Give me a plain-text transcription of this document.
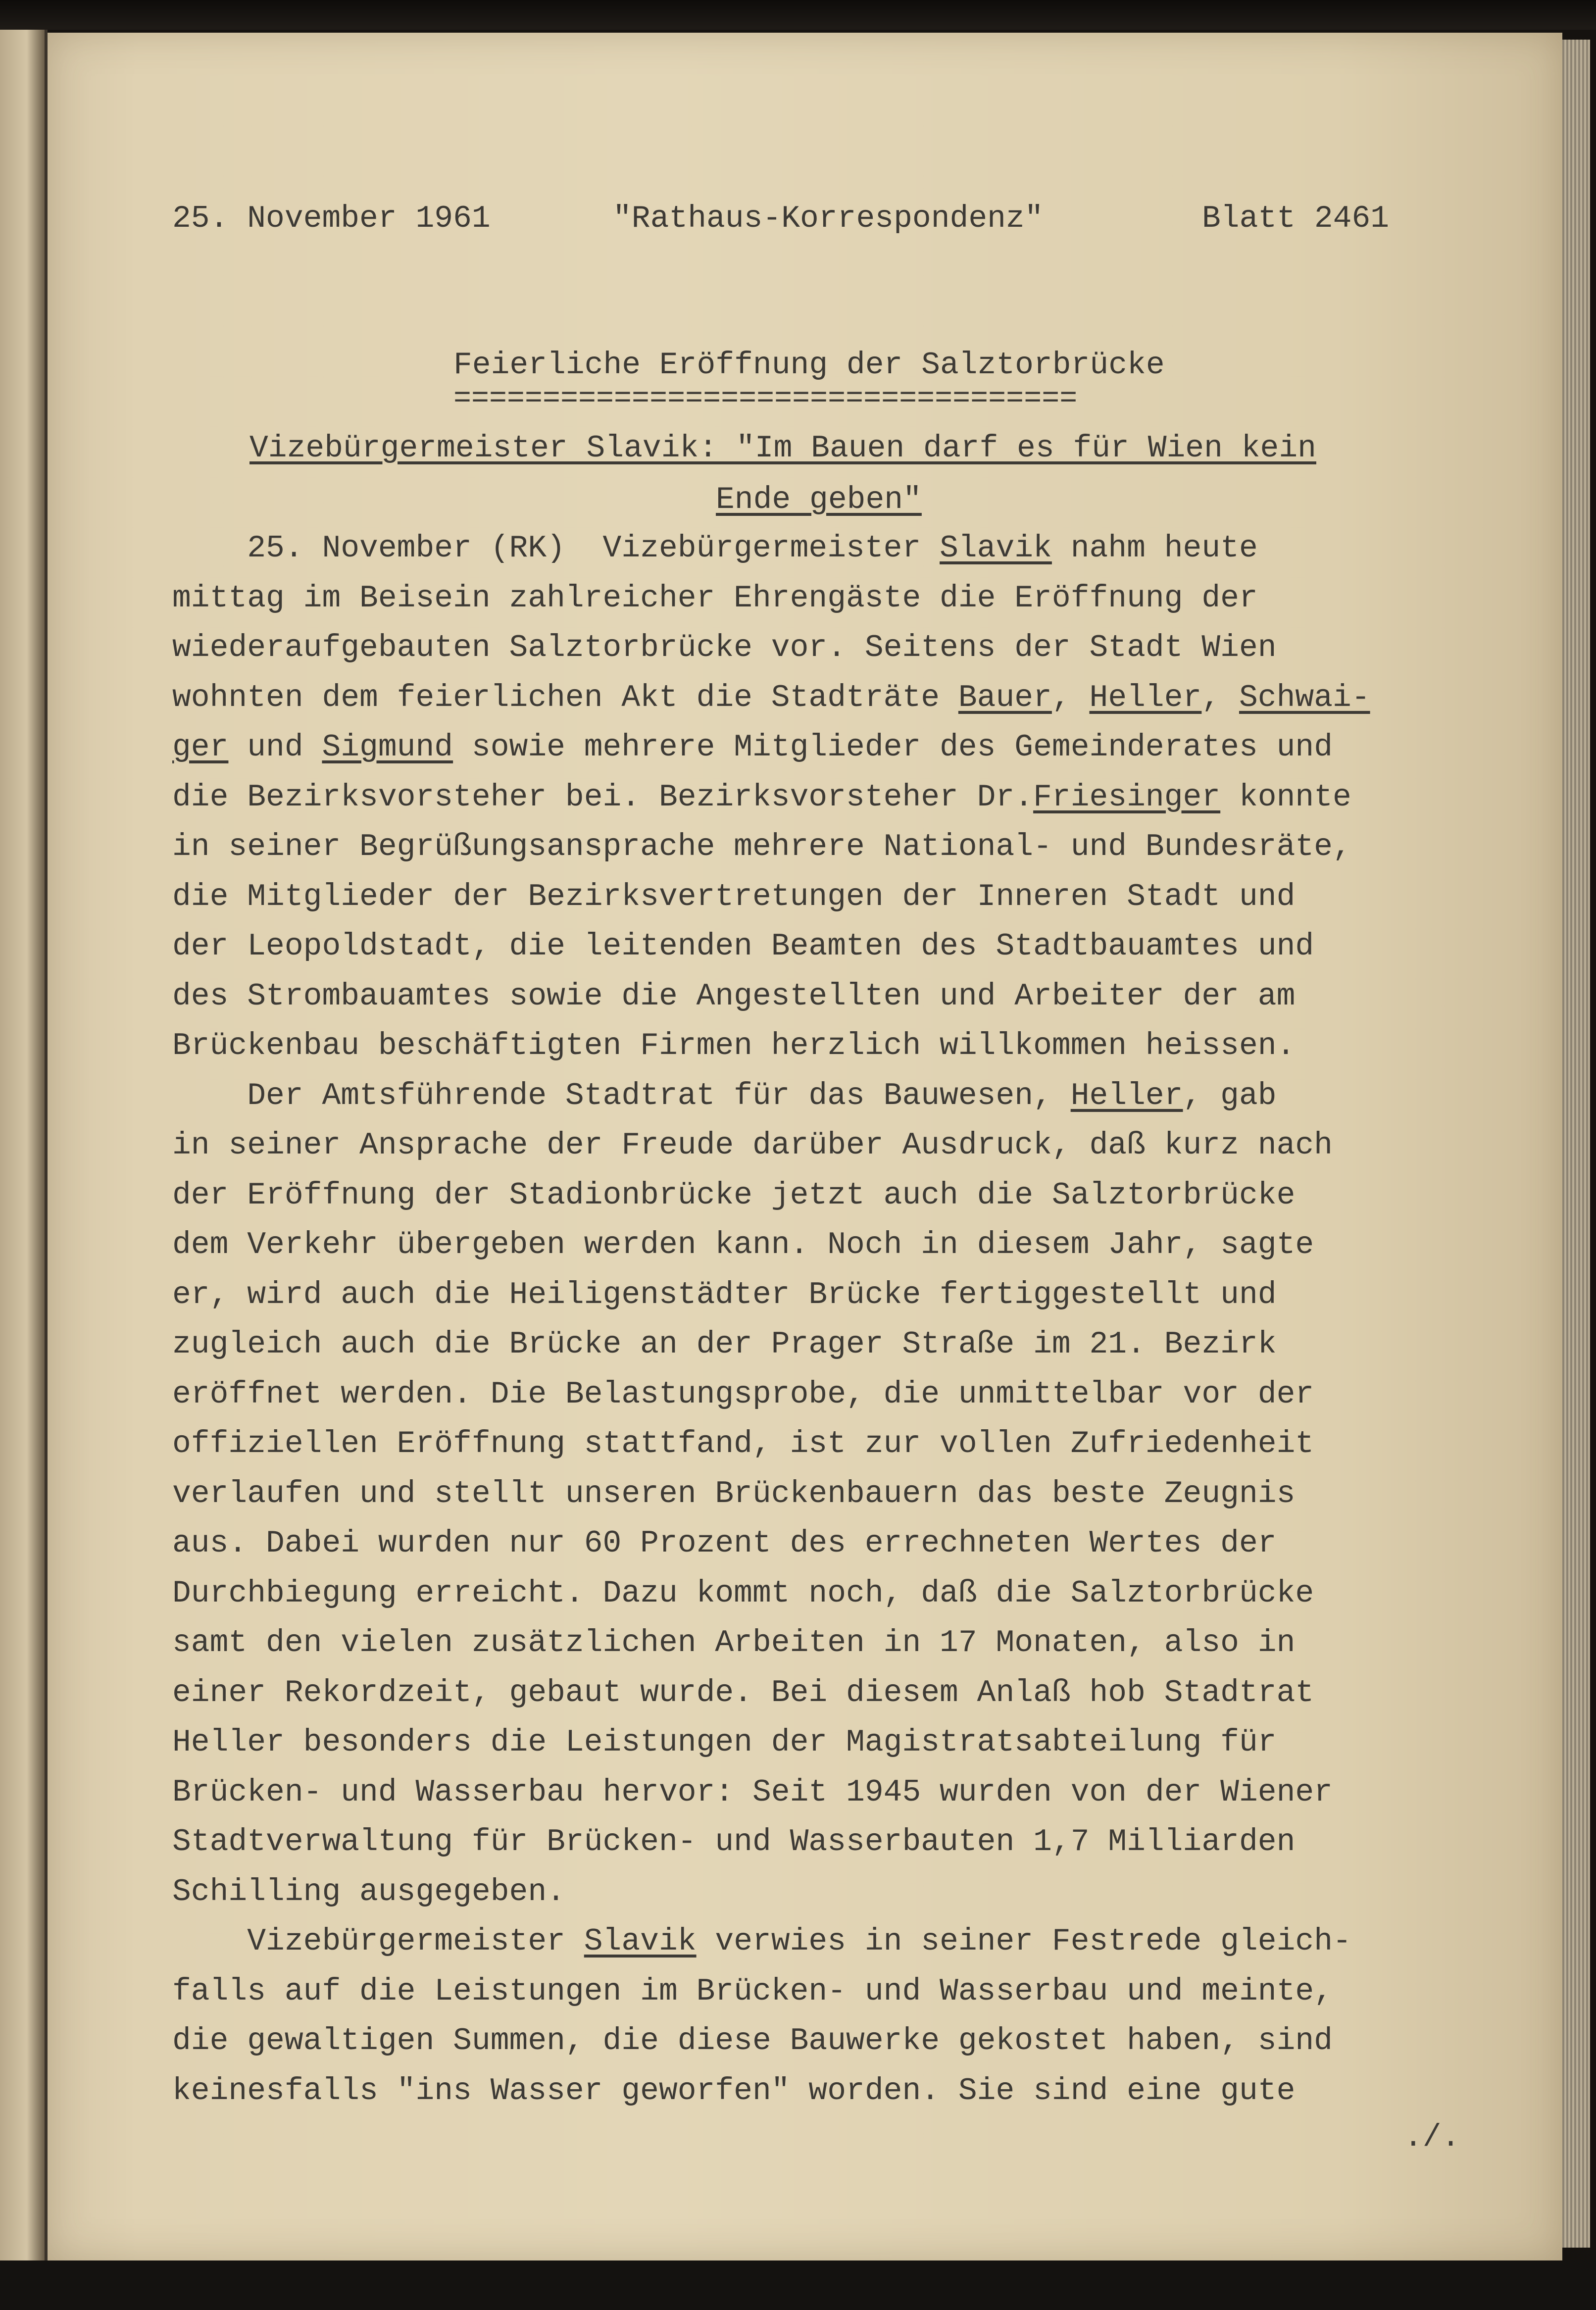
25. November 1961	"Rathaus-Korrespondenz"	Blatt 2461
Feierliche Eröffnung der Salztorbrücke
===================================
Vizebürgermeister Slavik: "Im Bauen darf es für Wien kein
Ende geben"
25. November (RK)  Vizebürgermeister Slavik nahm heute
mittag im Beisein zahlreicher Ehrengäste die Eröffnung der
wiederaufgebauten Salztorbrücke vor. Seitens der Stadt Wien
wohnten dem feierlichen Akt die Stadträte Bauer, Heller, Schwai-
ger und Sigmund sowie mehrere Mitglieder des Gemeinderates und
die Bezirksvorsteher bei. Bezirksvorsteher Dr.Friesinger konnte
in seiner Begrüßungsansprache mehrere National- und Bundesräte,
die Mitglieder der Bezirksvertretungen der Inneren Stadt und
der Leopoldstadt, die leitenden Beamten des Stadtbauamtes und
des Strombauamtes sowie die Angestellten und Arbeiter der am
Brückenbau beschäftigten Firmen herzlich willkommen heissen.
Der Amtsführende Stadtrat für das Bauwesen, Heller, gab
in seiner Ansprache der Freude darüber Ausdruck, daß kurz nach
der Eröffnung der Stadionbrücke jetzt auch die Salztorbrücke
dem Verkehr übergeben werden kann. Noch in diesem Jahr, sagte
er, wird auch die Heiligenstädter Brücke fertiggestellt und
zugleich auch die Brücke an der Prager Straße im 21. Bezirk
eröffnet werden. Die Belastungsprobe, die unmittelbar vor der
offiziellen Eröffnung stattfand, ist zur vollen Zufriedenheit
verlaufen und stellt unseren Brückenbauern das beste Zeugnis
aus. Dabei wurden nur 60 Prozent des errechneten Wertes der
Durchbiegung erreicht. Dazu kommt noch, daß die Salztorbrücke
samt den vielen zusätzlichen Arbeiten in 17 Monaten, also in
einer Rekordzeit, gebaut wurde. Bei diesem Anlaß hob Stadtrat
Heller besonders die Leistungen der Magistratsabteilung für
Brücken- und Wasserbau hervor: Seit 1945 wurden von der Wiener
Stadtverwaltung für Brücken- und Wasserbauten 1,7 Milliarden
Schilling ausgegeben.
Vizebürgermeister Slavik verwies in seiner Festrede gleich-
falls auf die Leistungen im Brücken- und Wasserbau und meinte,
die gewaltigen Summen, die diese Bauwerke gekostet haben, sind
keinesfalls "ins Wasser geworfen" worden. Sie sind eine gute
./.
